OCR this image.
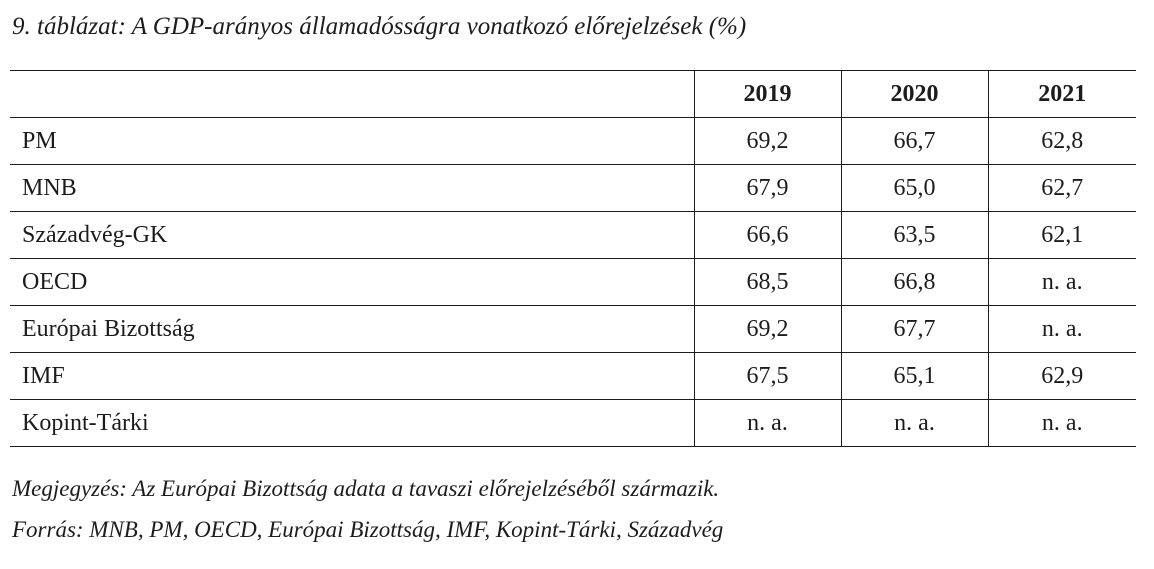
9. táblázat: A GDP-arányos államadósságra vonatkozó előrejelzések (%)
	2019	2020	2021
PM	69,2	66,7	62,8
MNB	67,9	65,0	62,7
Századvég-GK	66,6	63,5	62,1
OECD	68,5	66,8	n. a.
Európai Bizottság	69,2	67,7	n. a.
IMF	67,5	65,1	62,9
Kopint-Tárki	n. a.	n. a.	n. a.
Megjegyzés: Az Európai Bizottság adata a tavaszi előrejelzéséből származik.
Forrás: MNB, PM, OECD, Európai Bizottság, IMF, Kopint-Tárki, Századvég
